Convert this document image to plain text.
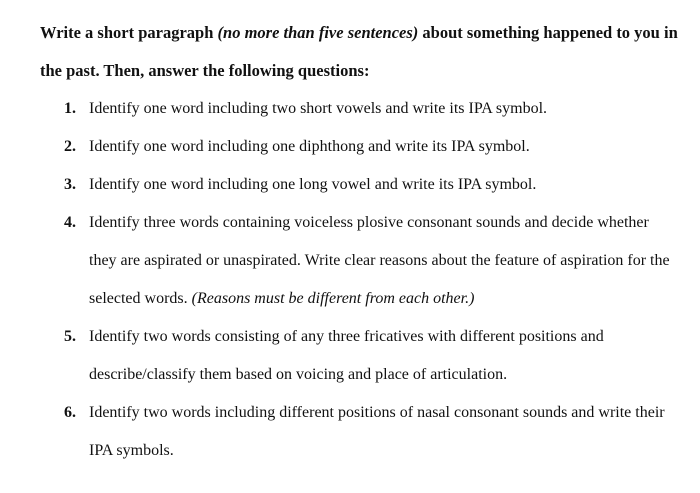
Write a short paragraph (no more than five sentences) about something happened to you in the past. Then, answer the following questions:

1. Identify one word including two short vowels and write its IPA symbol.
2. Identify one word including one diphthong and write its IPA symbol.
3. Identify one word including one long vowel and write its IPA symbol.
4. Identify three words containing voiceless plosive consonant sounds and decide whether they are aspirated or unaspirated. Write clear reasons about the feature of aspiration for the selected words. (Reasons must be different from each other.)
5. Identify two words consisting of any three fricatives with different positions and describe/classify them based on voicing and place of articulation.
6. Identify two words including different positions of nasal consonant sounds and write their IPA symbols.
